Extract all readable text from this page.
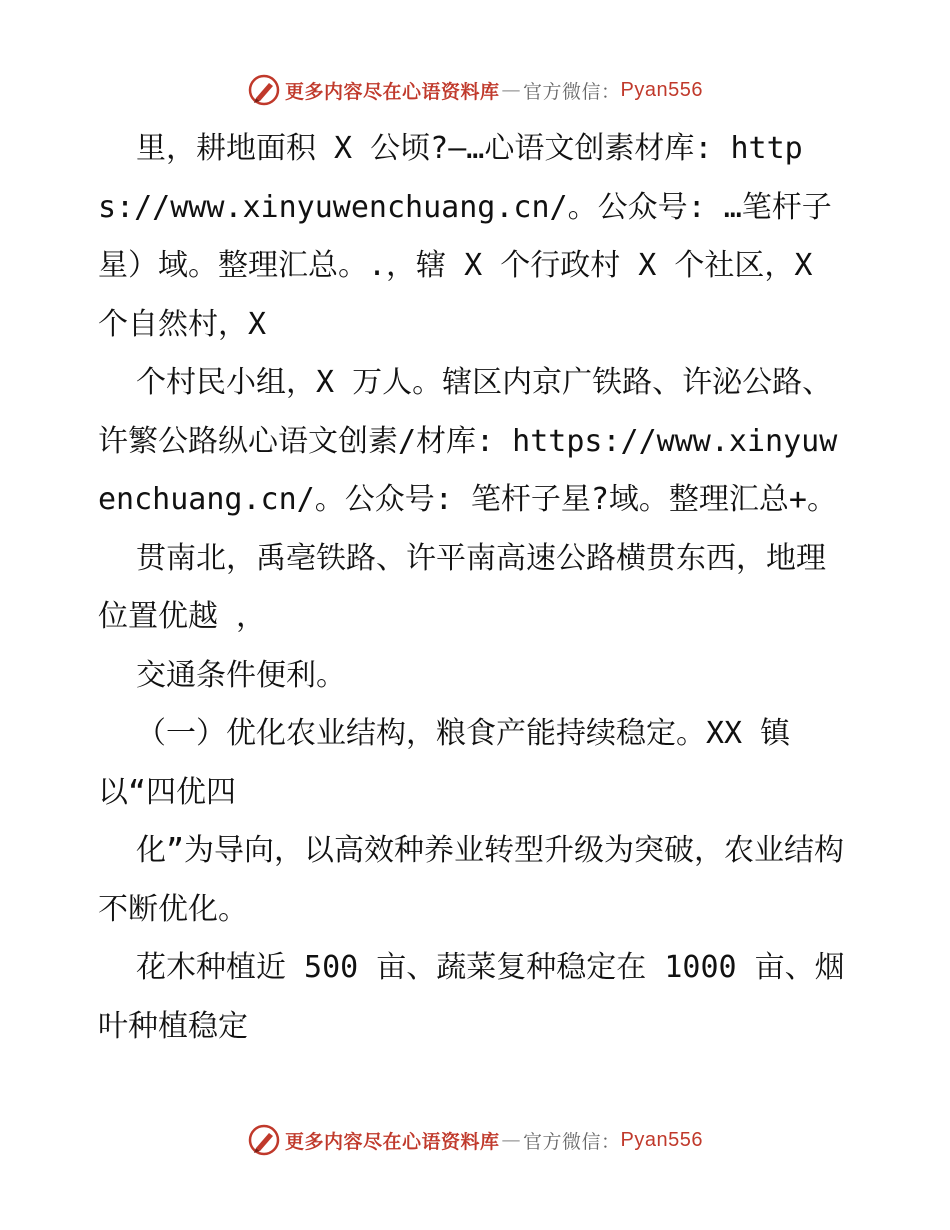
更多内容尽在心语资料库 — 官方微信： Pyan556

里，耕地面积 X 公顷?—…心语文创素材库: https://www.xinyuwenchuang.cn/。公众号: …笔杆子星）域。整理汇总。.，辖 X 个行政村 X 个社区，X 个自然村，X

个村民小组，X 万人。辖区内京广铁路、许泌公路、许繁公路纵心语文创素/材库: https://www.xinyuwenchuang.cn/。公众号: 笔杆子星?域。整理汇总+。

贯南北，禹亳铁路、许平南高速公路横贯东西，地理位置优越 ，

交通条件便利。

（一）优化农业结构，粮食产能持续稳定。XX 镇以“四优四

化”为导向，以高效种养业转型升级为突破，农业结构不断优化。

花木种植近 500 亩、蔬菜复种稳定在 1000 亩、烟叶种植稳定

更多内容尽在心语资料库 — 官方微信： Pyan556
